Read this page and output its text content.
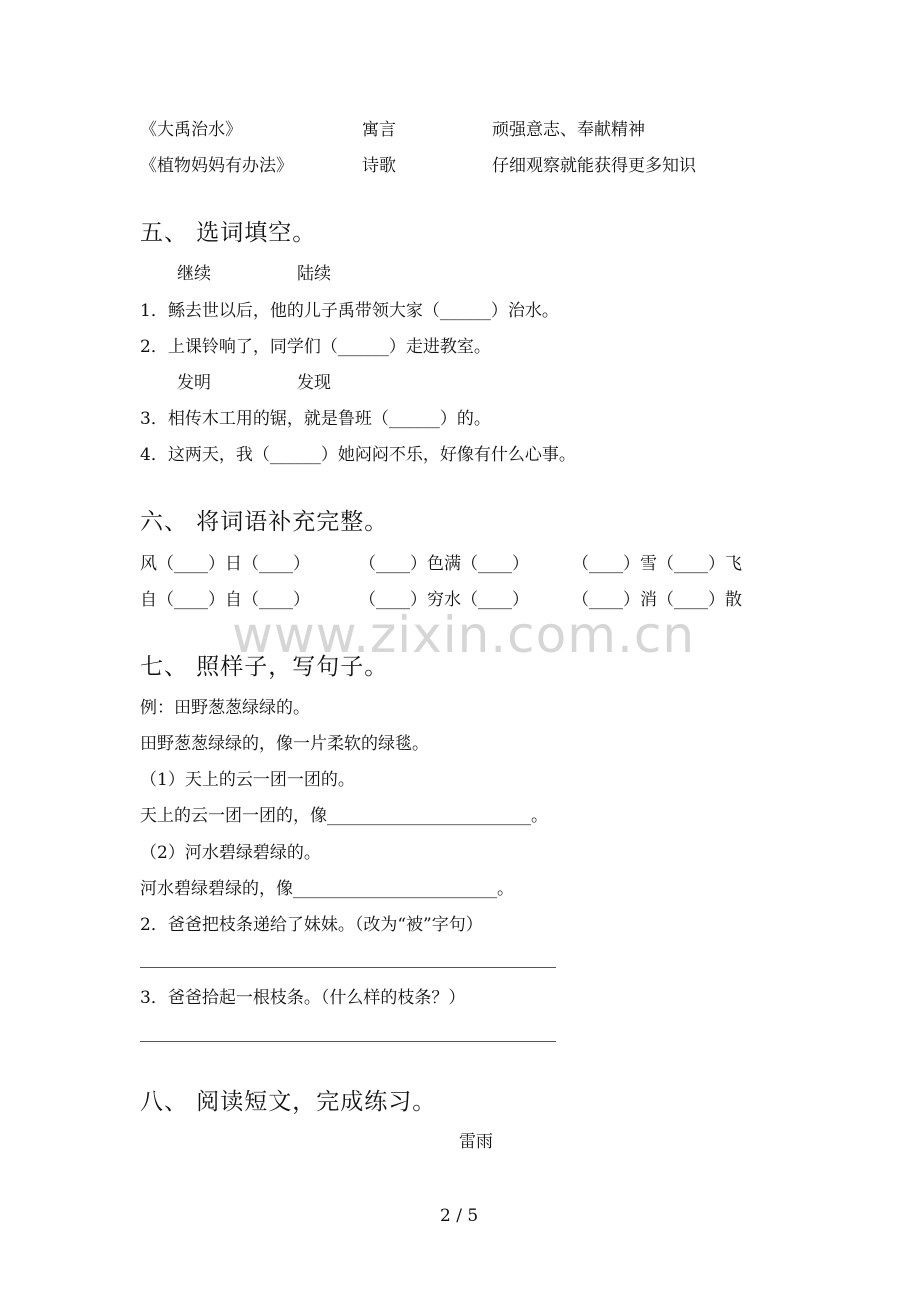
《大禹治水》	寓言	顽强意志、奉献精神
《植物妈妈有办法》	诗歌	仔细观察就能获得更多知识
五、 选词填空。
继续	陆续
1．鲧去世以后，他的儿子禹带领大家（______）治水。
2．上课铃响了，同学们（______）走进教室。
发明	发现
3．相传木工用的锯，就是鲁班（______）的。
4．这两天，我（______）她闷闷不乐，好像有什么心事。
六、 将词语补充完整。
风（____）日（____）	（____）色满（____）	（____）雪（____）飞
自（____）自（____）	（____）穷水（____）	（____）消（____）散
www.zixin.com.cn
七、 照样子，写句子。
例：田野葱葱绿绿的。
田野葱葱绿绿的，像一片柔软的绿毯。
（1）天上的云一团一团的。
天上的云一团一团的，像________________________。
（2）河水碧绿碧绿的。
河水碧绿碧绿的，像________________________。
2．爸爸把枝条递给了妹妹。（改为“被”字句）
3．爸爸拾起一根枝条。（什么样的枝条？）
八、 阅读短文，完成练习。
雷雨
2 / 5
